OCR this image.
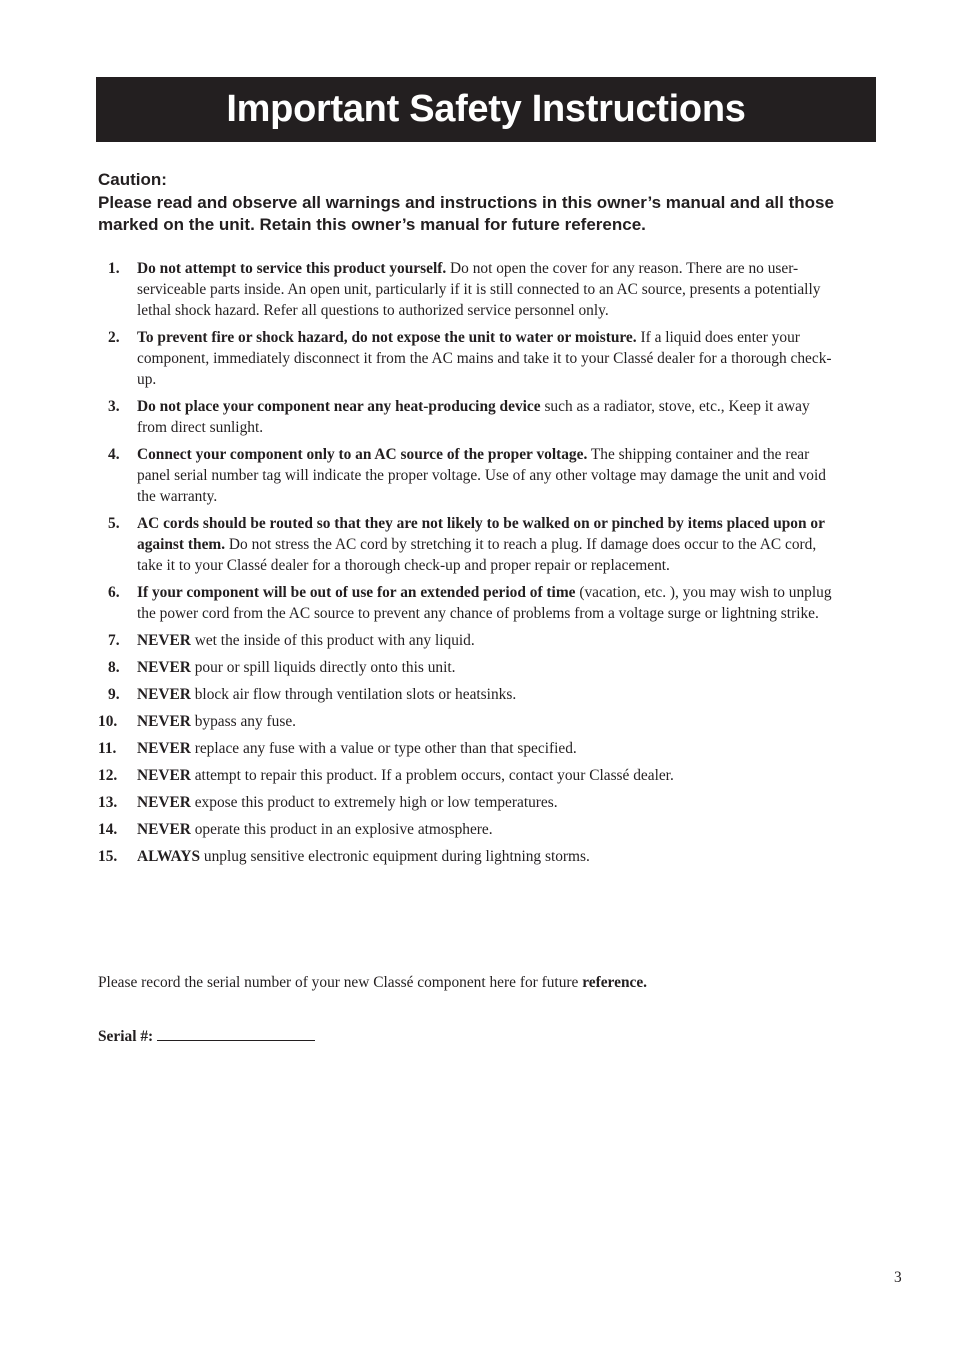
Important Safety Instructions
Caution:
Please read and observe all warnings and instructions in this owner’s manual and all those marked on the unit. Retain this owner’s manual for future reference.
1.	Do not attempt to service this product yourself. Do not open the cover for any reason. There are no user-serviceable parts inside. An open unit, particularly if it is still connected to an AC source, presents a potentially lethal shock hazard. Refer all questions to authorized service personnel only.
2.	To prevent fire or shock hazard, do not expose the unit to water or moisture. If a liquid does enter your component, immediately disconnect it from the AC mains and take it to your Classé dealer for a thorough check-up.
3.	Do not place your component near any heat-producing device such as a radiator, stove, etc., Keep it away from direct sunlight.
4.	Connect your component only to an AC source of the proper voltage. The shipping container and the rear panel serial number tag will indicate the proper voltage. Use of any other voltage may damage the unit and void the warranty.
5.	AC cords should be routed so that they are not likely to be walked on or pinched by items placed upon or against them. Do not stress the AC cord by stretching it to reach a plug. If damage does occur to the AC cord, take it to your Classé dealer for a thorough check-up and proper repair or replacement.
6.	If your component will be out of use for an extended period of time (vacation, etc. ), you may wish to unplug the power cord from the AC source to prevent any chance of problems from a voltage surge or lightning strike.
7.	NEVER wet the inside of this product with any liquid.
8.	NEVER pour or spill liquids directly onto this unit.
9.	NEVER block air flow through ventilation slots or heatsinks.
10.	NEVER bypass any fuse.
11.	NEVER replace any fuse with a value or type other than that specified.
12.	NEVER attempt to repair this product. If a problem occurs, contact your Classé dealer.
13.	NEVER expose this product to extremely high or low temperatures.
14.	NEVER operate this product in an explosive atmosphere.
15.	ALWAYS unplug sensitive electronic equipment during lightning storms.
Please record the serial number of your new Classé component here for future reference.
Serial #:
3
